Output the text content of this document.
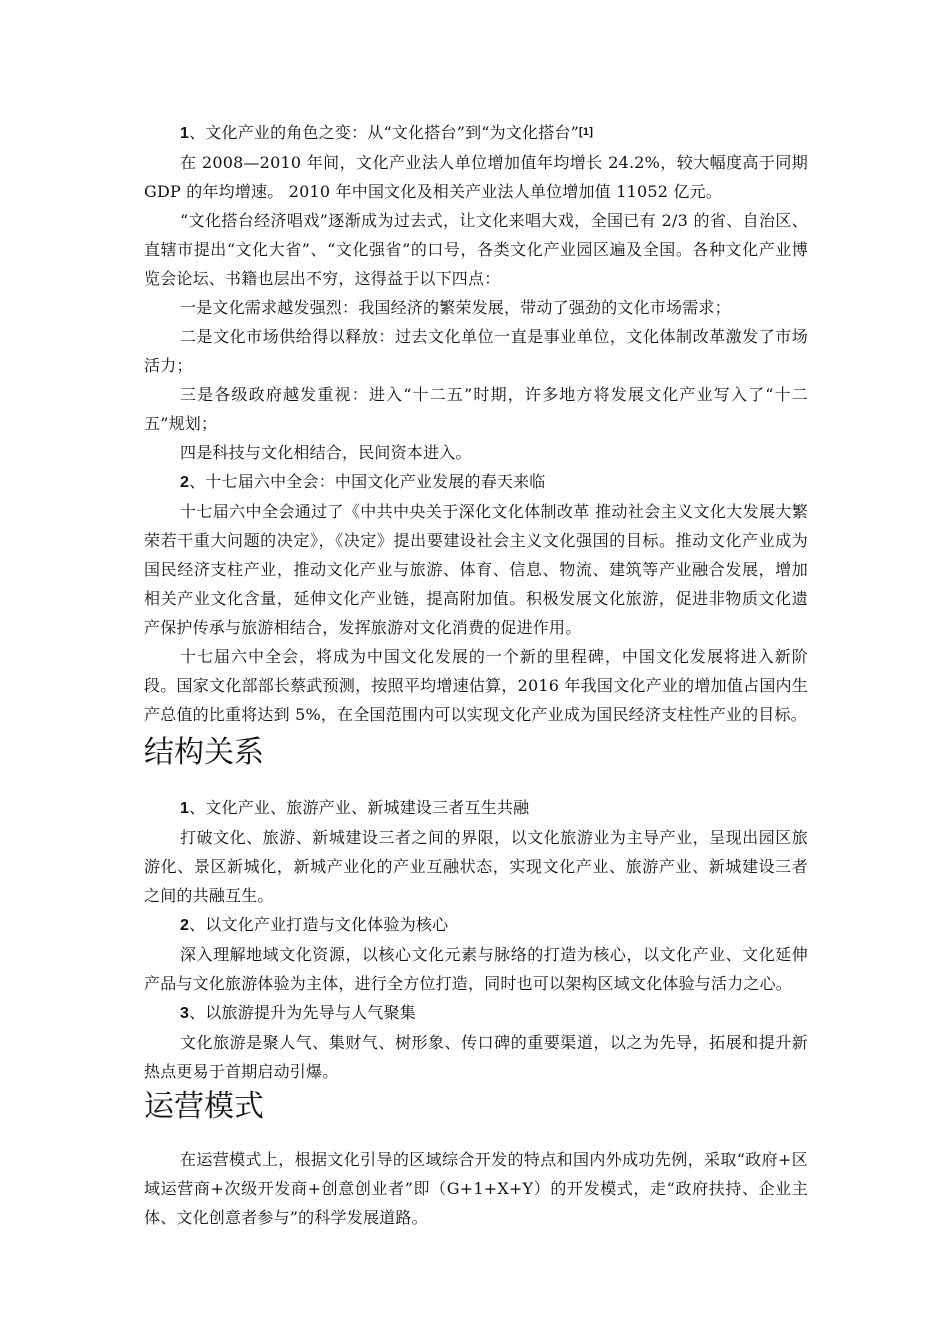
1、文化产业的角色之变：从“文化搭台”到“为文化搭台”[1]

在 2008—2010 年间，文化产业法人单位增加值年均增长 24.2%，较大幅度高于同期 GDP 的年均增速。 2010 年中国文化及相关产业法人单位增加值 11052 亿元。

“文化搭台经济唱戏”逐渐成为过去式，让文化来唱大戏，全国已有 2/3 的省、自治区、直辖市提出“文化大省”、“文化强省”的口号，各类文化产业园区遍及全国。各种文化产业博览会论坛、书籍也层出不穷，这得益于以下四点：

一是文化需求越发强烈：我国经济的繁荣发展，带动了强劲的文化市场需求；

二是文化市场供给得以释放：过去文化单位一直是事业单位，文化体制改革激发了市场活力；

三是各级政府越发重视：进入“十二五”时期，许多地方将发展文化产业写入了“十二五”规划；

四是科技与文化相结合，民间资本进入。

2、十七届六中全会：中国文化产业发展的春天来临

十七届六中全会通过了《中共中央关于深化文化体制改革 推动社会主义文化大发展大繁荣若干重大问题的决定》，《决定》提出要建设社会主义文化强国的目标。推动文化产业成为国民经济支柱产业，推动文化产业与旅游、体育、信息、物流、建筑等产业融合发展，增加相关产业文化含量，延伸文化产业链，提高附加值。积极发展文化旅游，促进非物质文化遗产保护传承与旅游相结合，发挥旅游对文化消费的促进作用。

十七届六中全会，将成为中国文化发展的一个新的里程碑，中国文化发展将进入新阶段。国家文化部部长蔡武预测，按照平均增速估算，2016 年我国文化产业的增加值占国内生产总值的比重将达到 5%，在全国范围内可以实现文化产业成为国民经济支柱性产业的目标。

结构关系

1、文化产业、旅游产业、新城建设三者互生共融

打破文化、旅游、新城建设三者之间的界限，以文化旅游业为主导产业，呈现出园区旅游化、景区新城化，新城产业化的产业互融状态，实现文化产业、旅游产业、新城建设三者之间的共融互生。

2、以文化产业打造与文化体验为核心

深入理解地域文化资源，以核心文化元素与脉络的打造为核心，以文化产业、文化延伸产品与文化旅游体验为主体，进行全方位打造，同时也可以架构区域文化体验与活力之心。

3、以旅游提升为先导与人气聚集

文化旅游是聚人气、集财气、树形象、传口碑的重要渠道，以之为先导，拓展和提升新热点更易于首期启动引爆。

运营模式

在运营模式上，根据文化引导的区域综合开发的特点和国内外成功先例，采取“政府+区域运营商+次级开发商+创意创业者”即（G+1+X+Y）的开发模式，走“政府扶持、企业主体、文化创意者参与”的科学发展道路。
